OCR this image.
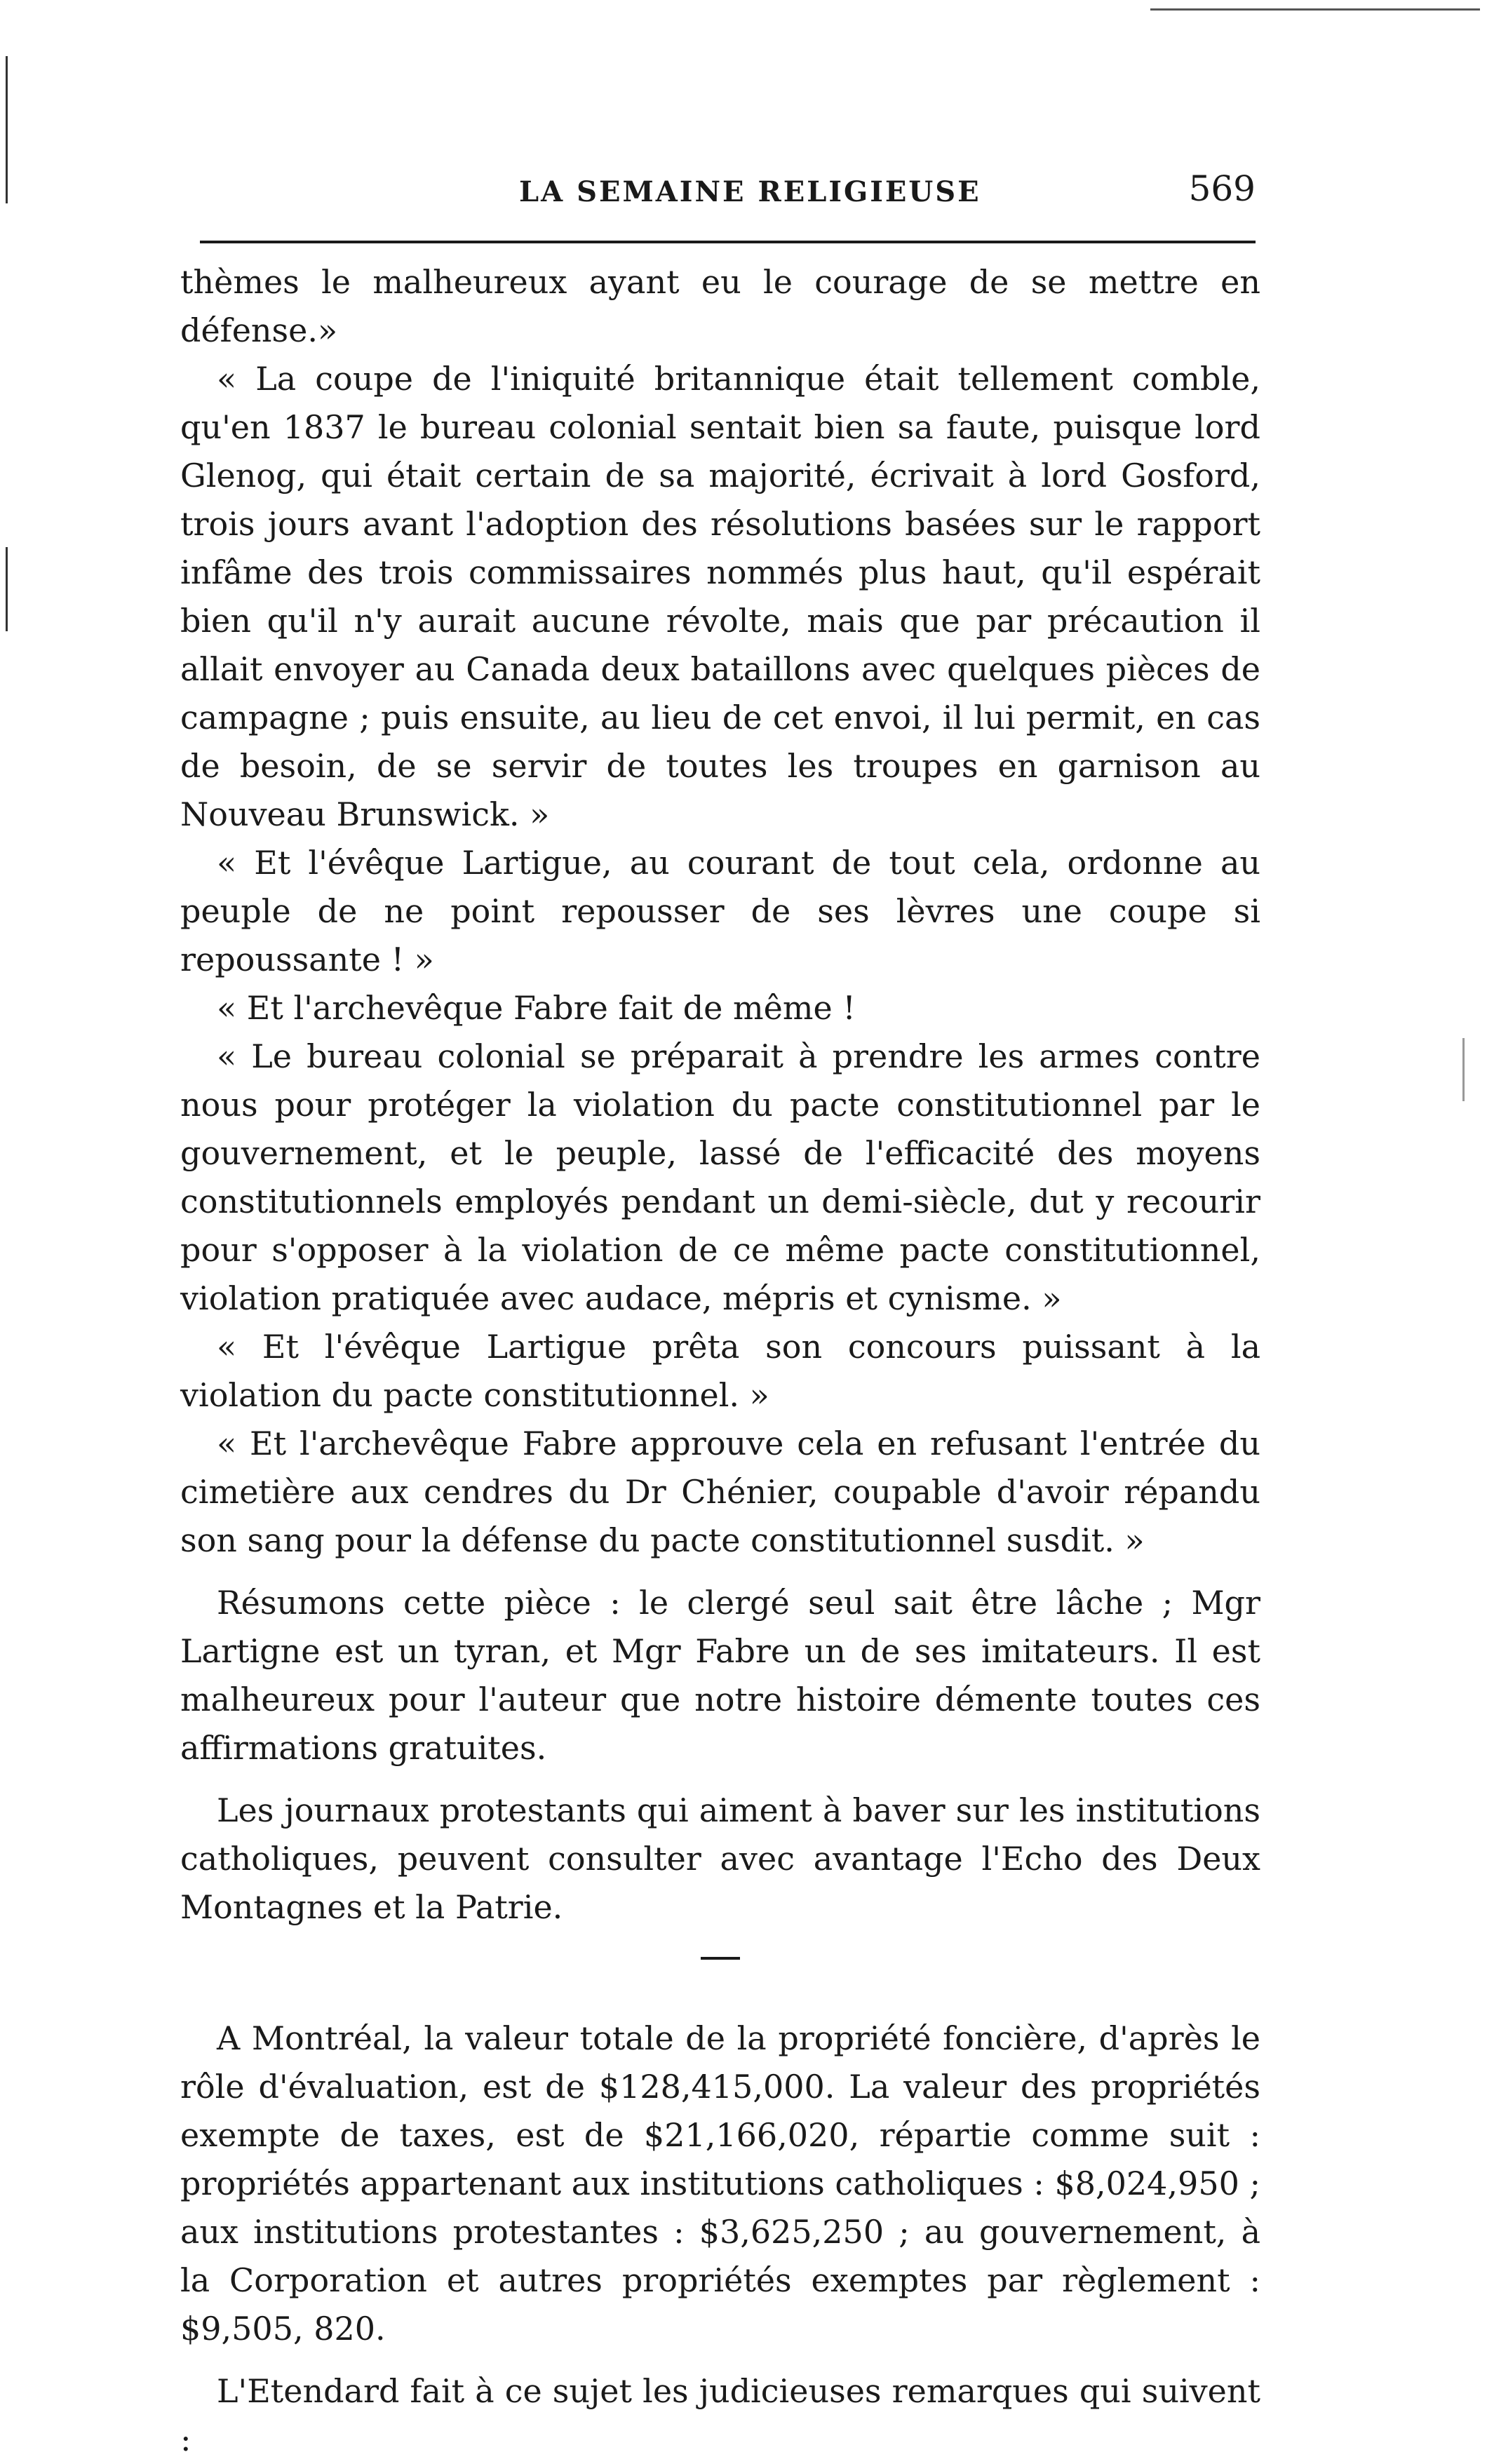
LA SEMAINE RELIGIEUSE	569

thèmes le malheureux ayant eu le courage de se mettre en défense.»

« La coupe de l'iniquité britannique était tellement comble, qu'en 1837 le bureau colonial sentait bien sa faute, puisque lord Glenog, qui était certain de sa majorité, écrivait à lord Gosford, trois jours avant l'adoption des résolutions basées sur le rapport infâme des trois commissaires nommés plus haut, qu'il espérait bien qu'il n'y aurait aucune révolte, mais que par précaution il allait envoyer au Canada deux bataillons avec quelques pièces de campagne ; puis ensuite, au lieu de cet envoi, il lui permit, en cas de besoin, de se servir de toutes les troupes en garnison au Nouveau Brunswick. »

« Et l'évêque Lartigue, au courant de tout cela, ordonne au peuple de ne point repousser de ses lèvres une coupe si repoussante ! »

« Et l'archevêque Fabre fait de même !

« Le bureau colonial se préparait à prendre les armes contre nous pour protéger la violation du pacte constitutionnel par le gouvernement, et le peuple, lassé de l'efficacité des moyens constitutionnels employés pendant un demi-siècle, dut y recourir pour s'opposer à la violation de ce même pacte constitutionnel, violation pratiquée avec audace, mépris et cynisme. »

« Et l'évêque Lartigue prêta son concours puissant à la violation du pacte constitutionnel. »

« Et l'archevêque Fabre approuve cela en refusant l'entrée du cimetière aux cendres du Dr Chénier, coupable d'avoir répandu son sang pour la défense du pacte constitutionnel susdit. »

Résumons cette pièce : le clergé seul sait être lâche ; Mgr Lartigne est un tyran, et Mgr Fabre un de ses imitateurs. Il est malheureux pour l'auteur que notre histoire démente toutes ces affirmations gratuites.

Les journaux protestants qui aiment à baver sur les institutions catholiques, peuvent consulter avec avantage l'Echo des Deux Montagnes et la Patrie.

A Montréal, la valeur totale de la propriété foncière, d'après le rôle d'évaluation, est de $128,415,000. La valeur des propriétés exempte de taxes, est de $21,166,020, répartie comme suit : propriétés appartenant aux institutions catholiques : $8,024,950 ; aux institutions protestantes : $3,625,250 ; au gouvernement, à la Corporation et autres propriétés exemptes par règlement : $9,505, 820.

L'Etendard fait à ce sujet les judicieuses remarques qui suivent :
